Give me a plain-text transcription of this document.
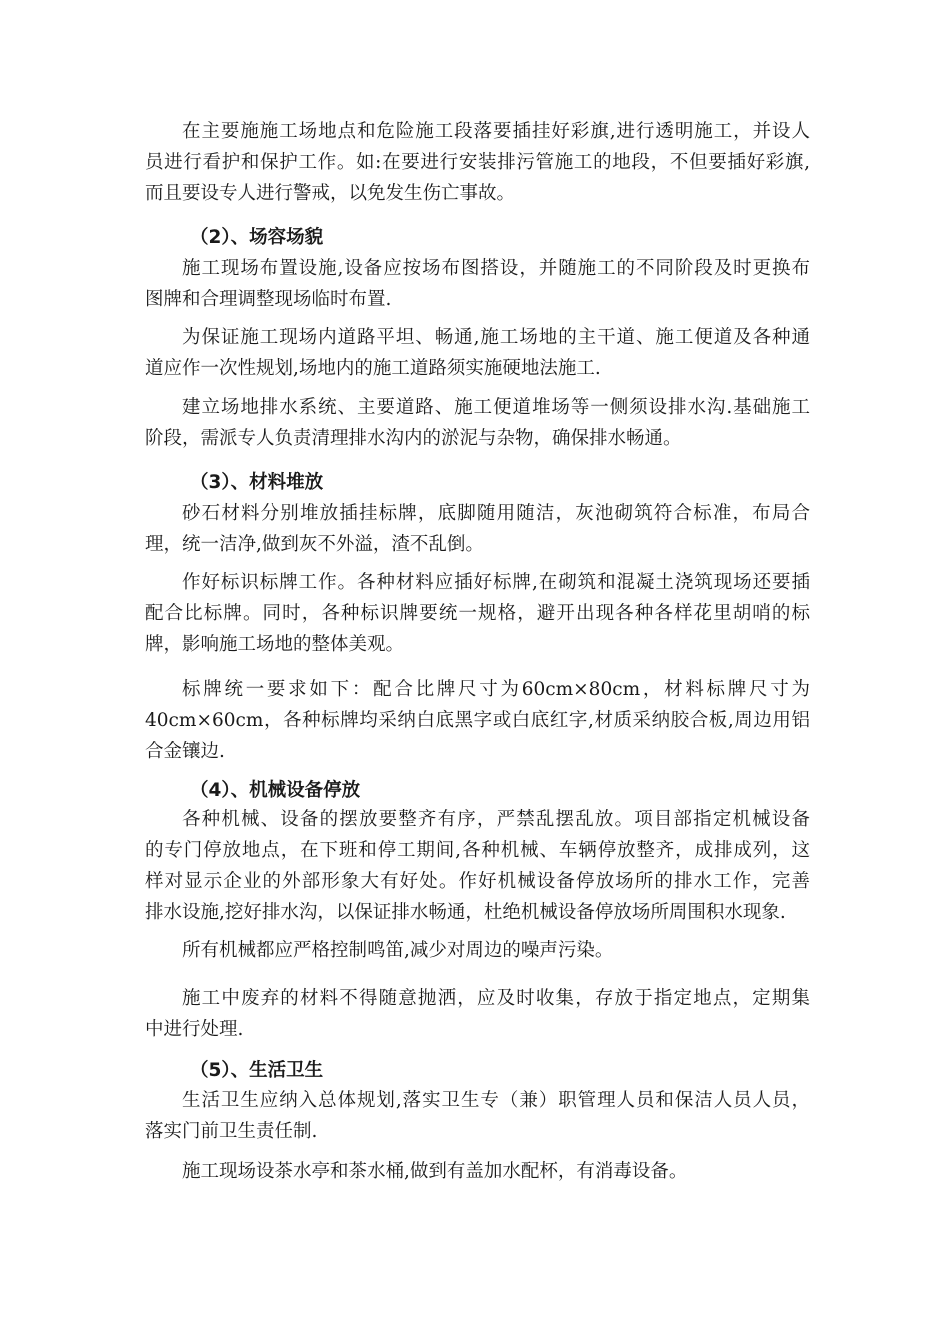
在主要施施工场地点和危险施工段落要插挂好彩旗,进行透明施工，并设人
员进行看护和保护工作。如:在要进行安装排污管施工的地段，不但要插好彩旗,
而且要设专人进行警戒，以免发生伤亡事故。
（2）、场容场貌
施工现场布置设施,设备应按场布图搭设，并随施工的不同阶段及时更换布
图牌和合理调整现场临时布置.
为保证施工现场内道路平坦、畅通,施工场地的主干道、施工便道及各种通
道应作一次性规划,场地内的施工道路须实施硬地法施工.
建立场地排水系统、主要道路、施工便道堆场等一侧须设排水沟.基础施工
阶段，需派专人负责清理排水沟内的淤泥与杂物，确保排水畅通。
（3）、材料堆放
砂石材料分别堆放插挂标牌，底脚随用随洁，灰池砌筑符合标准，布局合
理，统一洁净,做到灰不外溢，渣不乱倒。
作好标识标牌工作。各种材料应插好标牌,在砌筑和混凝土浇筑现场还要插
配合比标牌。同时，各种标识牌要统一规格，避开出现各种各样花里胡哨的标
牌，影响施工场地的整体美观。
标牌统一要求如下：配合比牌尺寸为60cm×80cm，材料标牌尺寸为
40cm×60cm，各种标牌均采纳白底黑字或白底红字,材质采纳胶合板,周边用铝
合金镶边.
（4）、机械设备停放
各种机械、设备的摆放要整齐有序，严禁乱摆乱放。项目部指定机械设备
的专门停放地点，在下班和停工期间,各种机械、车辆停放整齐，成排成列，这
样对显示企业的外部形象大有好处。作好机械设备停放场所的排水工作，完善
排水设施,挖好排水沟，以保证排水畅通，杜绝机械设备停放场所周围积水现象.
所有机械都应严格控制鸣笛,减少对周边的噪声污染。
施工中废弃的材料不得随意抛洒，应及时收集，存放于指定地点，定期集
中进行处理.
（5）、生活卫生
生活卫生应纳入总体规划,落实卫生专（兼）职管理人员和保洁人员人员，
落实门前卫生责任制.
施工现场设茶水亭和茶水桶,做到有盖加水配杯，有消毒设备。
